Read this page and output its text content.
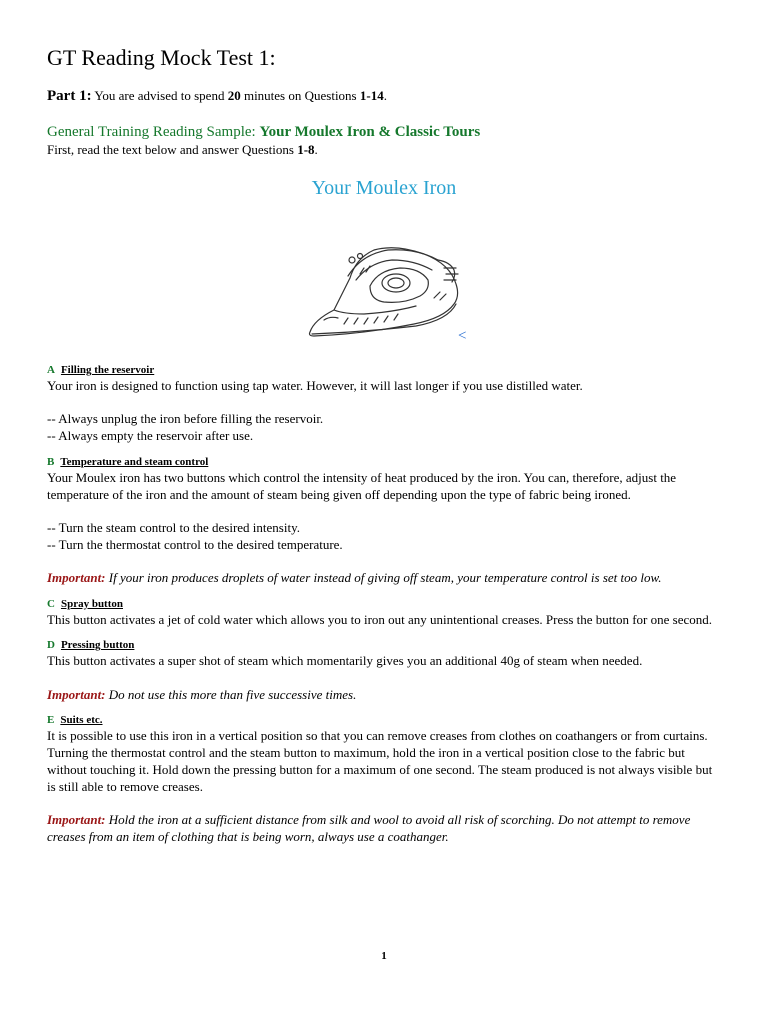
GT Reading Mock Test 1:
Part 1: You are advised to spend 20 minutes on Questions 1-14.
General Training Reading Sample: Your Moulex Iron & Classic Tours
First, read the text below and answer Questions 1-8.
Your Moulex Iron
<
A Filling the reservoir

Your iron is designed to function using tap water. However, it will last longer if you use distilled water.

-- Always unplug the iron before filling the reservoir.

-- Always empty the reservoir after use.

B Temperature and steam control

Your Moulex iron has two buttons which control the intensity of heat produced by the iron. You can, therefore, adjust the temperature of the iron and the amount of steam being given off depending upon the type of fabric being ironed.

-- Turn the steam control to the desired intensity.

-- Turn the thermostat control to the desired temperature.

Important: If your iron produces droplets of water instead of giving off steam, your temperature control is set too low.

C Spray button

This button activates a jet of cold water which allows you to iron out any unintentional creases. Press the button for one second.

D Pressing button

This button activates a super shot of steam which momentarily gives you an additional 40g of steam when needed.

Important: Do not use this more than five successive times.

E Suits etc.

It is possible to use this iron in a vertical position so that you can remove creases from clothes on coathangers or from curtains. Turning the thermostat control and the steam button to maximum, hold the iron in a vertical position close to the fabric but without touching it. Hold down the pressing button for a maximum of one second. The steam produced is not always visible but is still able to remove creases.

Important: Hold the iron at a sufficient distance from silk and wool to avoid all risk of scorching. Do not attempt to remove creases from an item of clothing that is being worn, always use a coathanger.

1
